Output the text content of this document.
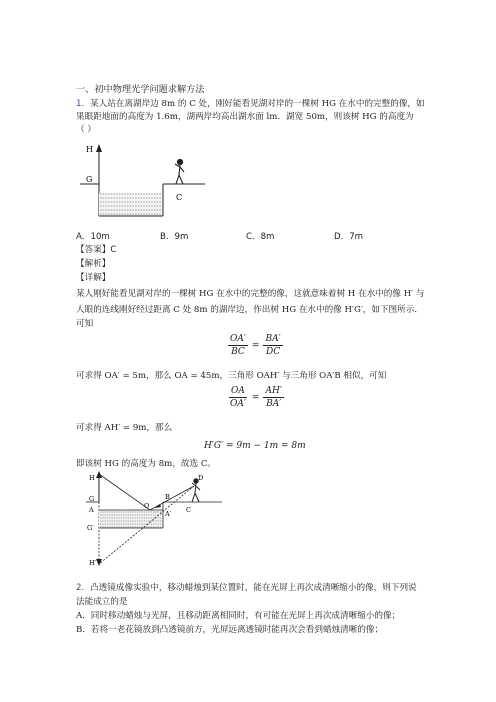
一、初中物理光学问题求解方法
1．某人站在离湖岸边 8m 的 C 处，刚好能看见湖对岸的一棵树 HG 在水中的完整的像，如
果眼距地面的高度为 1.6m，湖两岸均高出湖水面 lm．湖宽 50m，则该树 HG 的高度为
（ ）
H
G
C
A．10m	B．9m	C．8m	D．7m
【答案】C
【解析】
【详解】
某人刚好能看见湖对岸的一棵树 HG 在水中的完整的像，这就意味着树 H 在水中的像 H′ 与
人眼的连线刚好经过距离 C 处 8m 的湖岸边，作出树 HG 在水中的像 H′G′，如下图所示．
可知
$\frac{OA'}{BC} = \frac{BA'}{DC}$
可求得 OA′ = 5m，那么 OA = 45m，三角形 OAH′ 与三角形 OA′B 相似，可知
$\frac{OA}{OA'} = \frac{AH'}{BA'}$
可求得 AH′ = 9m，那么
H′G′ = 9m − 1m = 8m
即该树 HG 的高度为 8m，故选 C。
H
G
A
G′
B
A′ C
H′
O
D
2．凸透镜成像实验中，移动蜡烛到某位置时，能在光屏上再次成清晰缩小的像，则下列说
法能成立的是
A．同时移动蜡烛与光屏，且移动距离相同时，有可能在光屏上再次成清晰缩小的像；
B．若将一老花镜放到凸透镜前方，光屏远离透镜时能再次会看到蜡烛清晰的像；
